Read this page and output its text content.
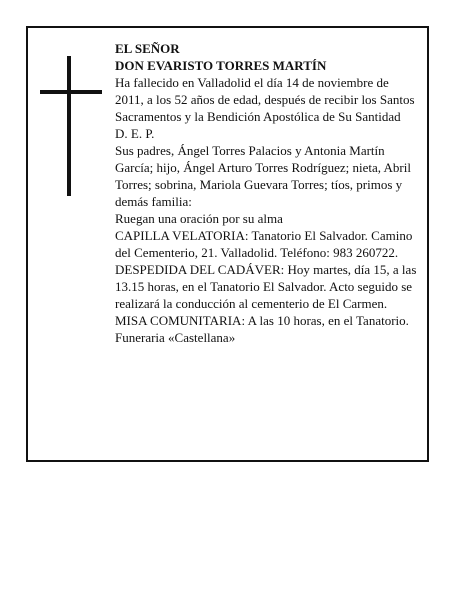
EL SEÑOR

DON EVARISTO TORRES MARTÍN

Ha fallecido en Valladolid el día 14 de noviembre de 2011, a los 52 años de edad, después de recibir los Santos Sacramentos y la Bendición Apostólica de Su Santidad

D. E. P.

Sus padres, Ángel Torres Palacios y Antonia Martín García; hijo, Ángel Arturo Torres Rodríguez; nieta, Abril Torres; sobrina, Mariola Guevara Torres; tíos, primos y demás familia:

Ruegan una oración por su alma

CAPILLA VELATORIA: Tanatorio El Salvador. Camino del Cementerio, 21. Valladolid. Teléfono: 983 260722.

DESPEDIDA DEL CADÁVER: Hoy martes, día 15, a las 13.15 horas, en el Tanatorio El Salvador. Acto seguido se realizará la conducción al cementerio de El Carmen.

MISA COMUNITARIA: A las 10 horas, en el Tanatorio.

Funeraria «Castellana»
